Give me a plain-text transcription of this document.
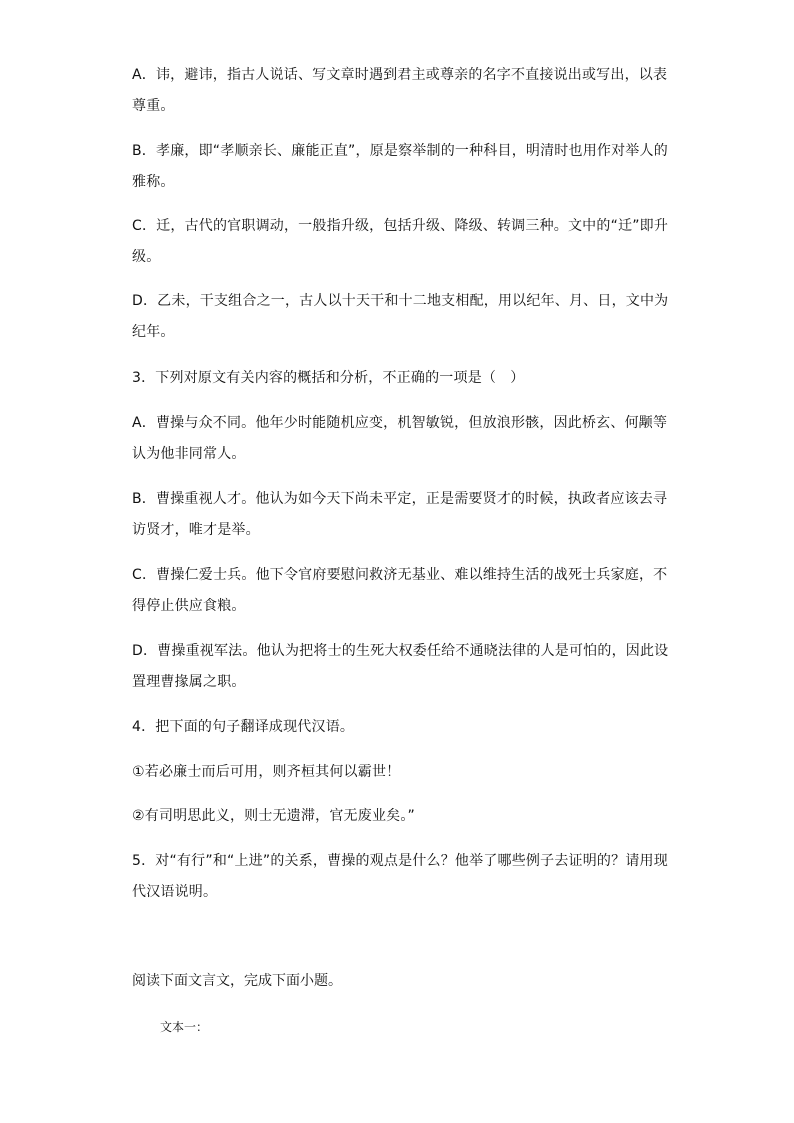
A．讳，避讳，指古人说话、写文章时遇到君主或尊亲的名字不直接说出或写出，以表
尊重。

B．孝廉，即“孝顺亲长、廉能正直”，原是察举制的一种科目，明清时也用作对举人的
雅称。

C．迁，古代的官职调动，一般指升级，包括升级、降级、转调三种。文中的“迁”即升
级。

D．乙未，干支组合之一，古人以十天干和十二地支相配，用以纪年、月、日，文中为
纪年。

3．下列对原文有关内容的概括和分析，不正确的一项是（　）

A．曹操与众不同。他年少时能随机应变，机智敏锐，但放浪形骸，因此桥玄、何颙等
认为他非同常人。

B．曹操重视人才。他认为如今天下尚未平定，正是需要贤才的时候，执政者应该去寻
访贤才，唯才是举。

C．曹操仁爱士兵。他下令官府要慰问救济无基业、难以维持生活的战死士兵家庭，不
得停止供应食粮。

D．曹操重视军法。他认为把将士的生死大权委任给不通晓法律的人是可怕的，因此设
置理曹掾属之职。

4．把下面的句子翻译成现代汉语。

①若必廉士而后可用，则齐桓其何以霸世！

②有司明思此义，则士无遗滞，官无废业矣。”

5．对“有行”和“上进”的关系，曹操的观点是什么？他举了哪些例子去证明的？请用现
代汉语说明。

阅读下面文言文，完成下面小题。

文本一：
